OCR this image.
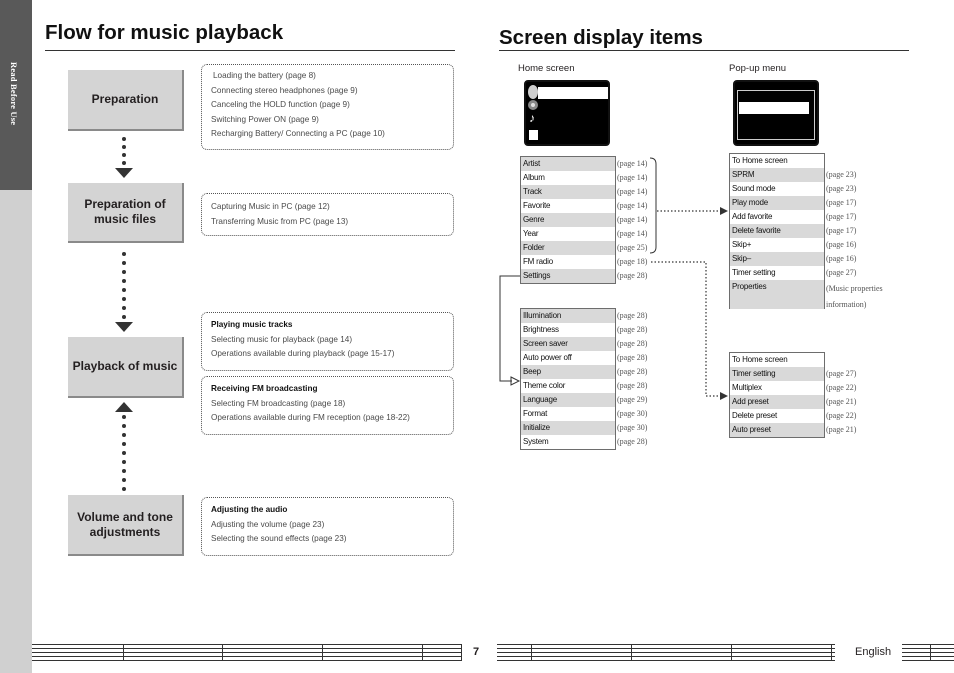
Read Before Use
Flow for music playback
Preparation
Preparation of music files
Playback of music
Volume and tone adjustments
Loading the battery (page 8)
Connecting stereo headphones (page 9)
Canceling the HOLD function (page 9)
Switching Power ON (page 9)
Recharging Battery/ Connecting a PC (page 10)
Capturing Music in PC (page 12)
Transferring Music from PC (page 13)
Playing music tracks
Selecting music for playback (page 14)
Operations available during playback (page 15-17)
Receiving FM broadcasting
Selecting FM broadcasting (page 18)
Operations available during FM reception (page 18-22)
Adjusting the audio
Adjusting the volume (page 23)
Selecting the sound effects (page 23)
Screen display items
Home screen	Pop-up menu
♪
Artist
Album
Track
Favorite
Genre
Year
Folder
FM radio
Settings
(page 14)
(page 14)
(page 14)
(page 14)
(page 14)
(page 14)
(page 25)
(page 18)
(page 28)
Illumination
Brightness
Screen saver
Auto power off
Beep
Theme color
Language
Format
Initialize
System
(page 28)
(page 28)
(page 28)
(page 28)
(page 28)
(page 28)
(page 29)
(page 30)
(page 30)
(page 28)
To Home screen
SPRM
Sound mode
Play mode
Add favorite
Delete favorite
Skip+
Skip–
Timer setting
Properties
(page 23)
(page 23)
(page 17)
(page 17)
(page 17)
(page 16)
(page 16)
(page 27)
(Music properties
information)
To Home screen
Timer setting
Multiplex
Add preset
Delete preset
Auto preset
(page 27)
(page 22)
(page 21)
(page 22)
(page 21)
7	English
